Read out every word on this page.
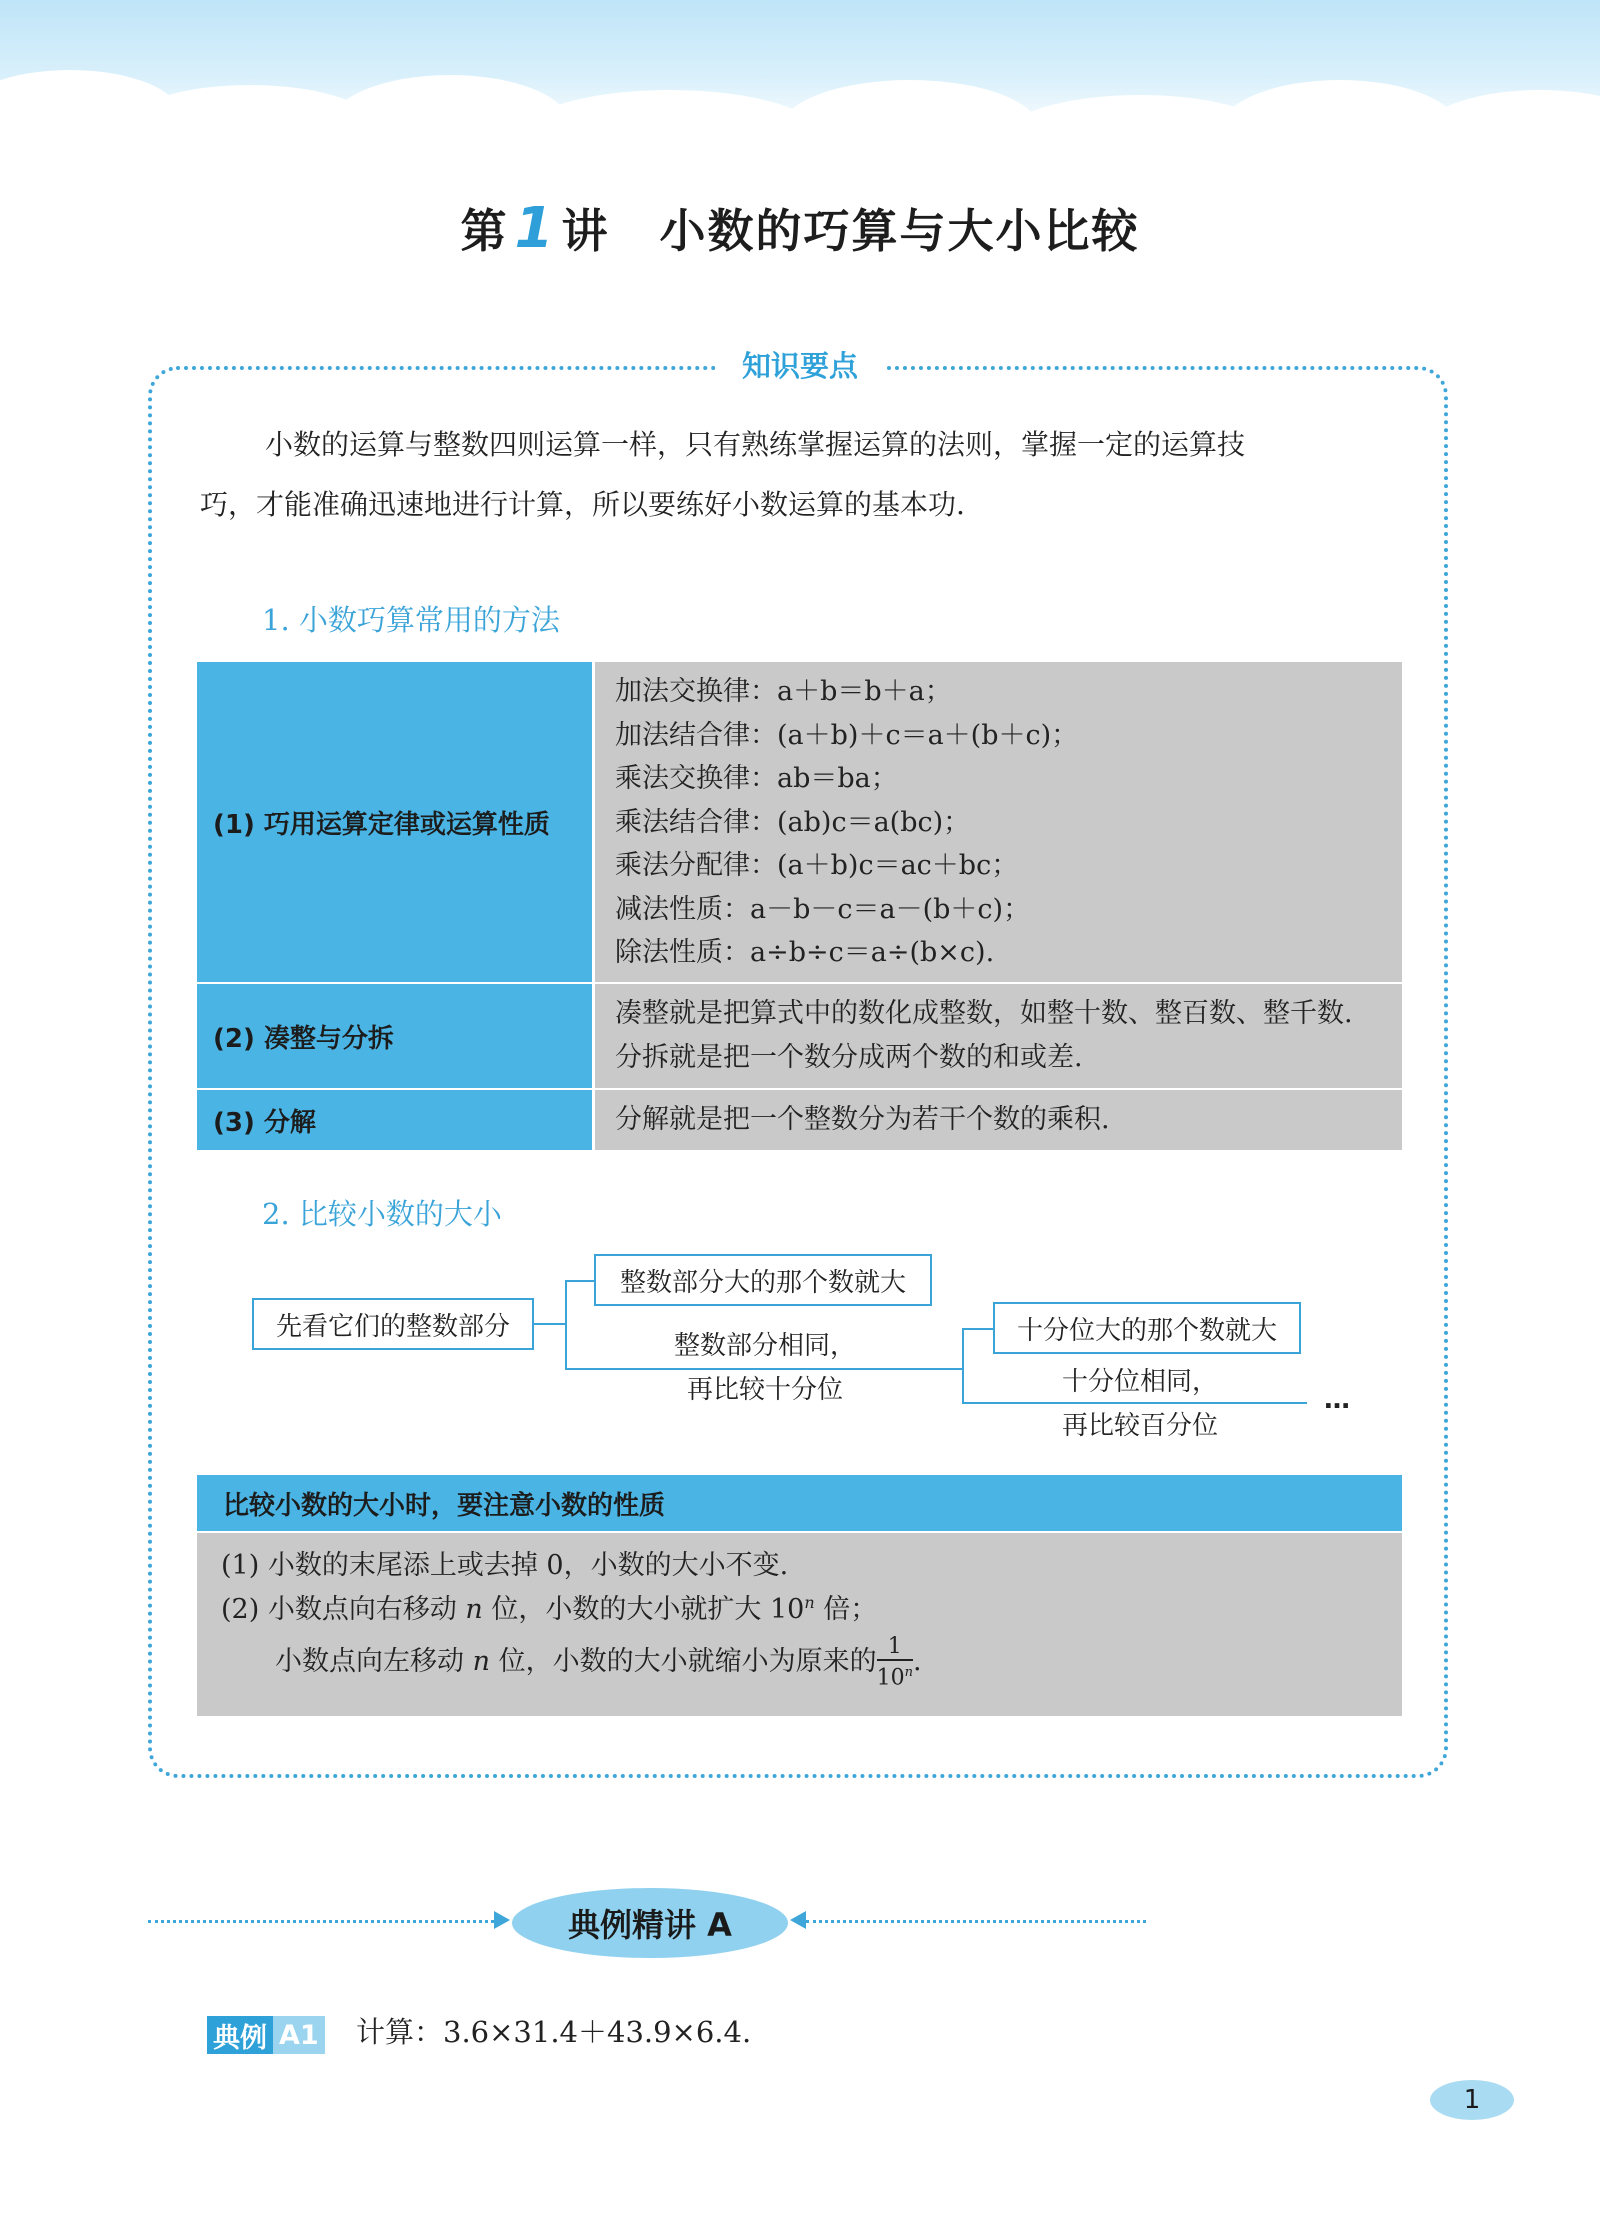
第 1 讲 小数的巧算与大小比较
知识要点
小数的运算与整数四则运算一样，只有熟练掌握运算的法则，掌握一定的运算技
巧，才能准确迅速地进行计算，所以要练好小数运算的基本功.
1. 小数巧算常用的方法
(1) 巧用运算定律或运算性质
加法交换律：a＋b＝b＋a；
加法结合律：(a＋b)＋c＝a＋(b＋c)；
乘法交换律：ab＝ba；
乘法结合律：(ab)c＝a(bc)；
乘法分配律：(a＋b)c＝ac＋bc；
减法性质：a－b－c＝a－(b＋c)；
除法性质：a÷b÷c＝a÷(b×c).
(2) 凑整与分拆
凑整就是把算式中的数化成整数，如整十数、整百数、整千数.
分拆就是把一个数分成两个数的和或差.
(3) 分解	分解就是把一个整数分为若干个数的乘积.
2. 比较小数的大小
先看它们的整数部分
整数部分大的那个数就大
整数部分相同，
再比较十分位
十分位大的那个数就大
十分位相同，
再比较百分位
…
比较小数的大小时，要注意小数的性质
(1) 小数的末尾添上或去掉 0，小数的大小不变.
(2) 小数点向右移动 n 位，小数的大小就扩大 10$^n$ 倍；
小数点向左移动 n 位，小数的大小就缩小为原来的 $\frac{1}{10^n}$ .
典例精讲 A
典例 A1 计算：3.6×31.4＋43.9×6.4.
1
